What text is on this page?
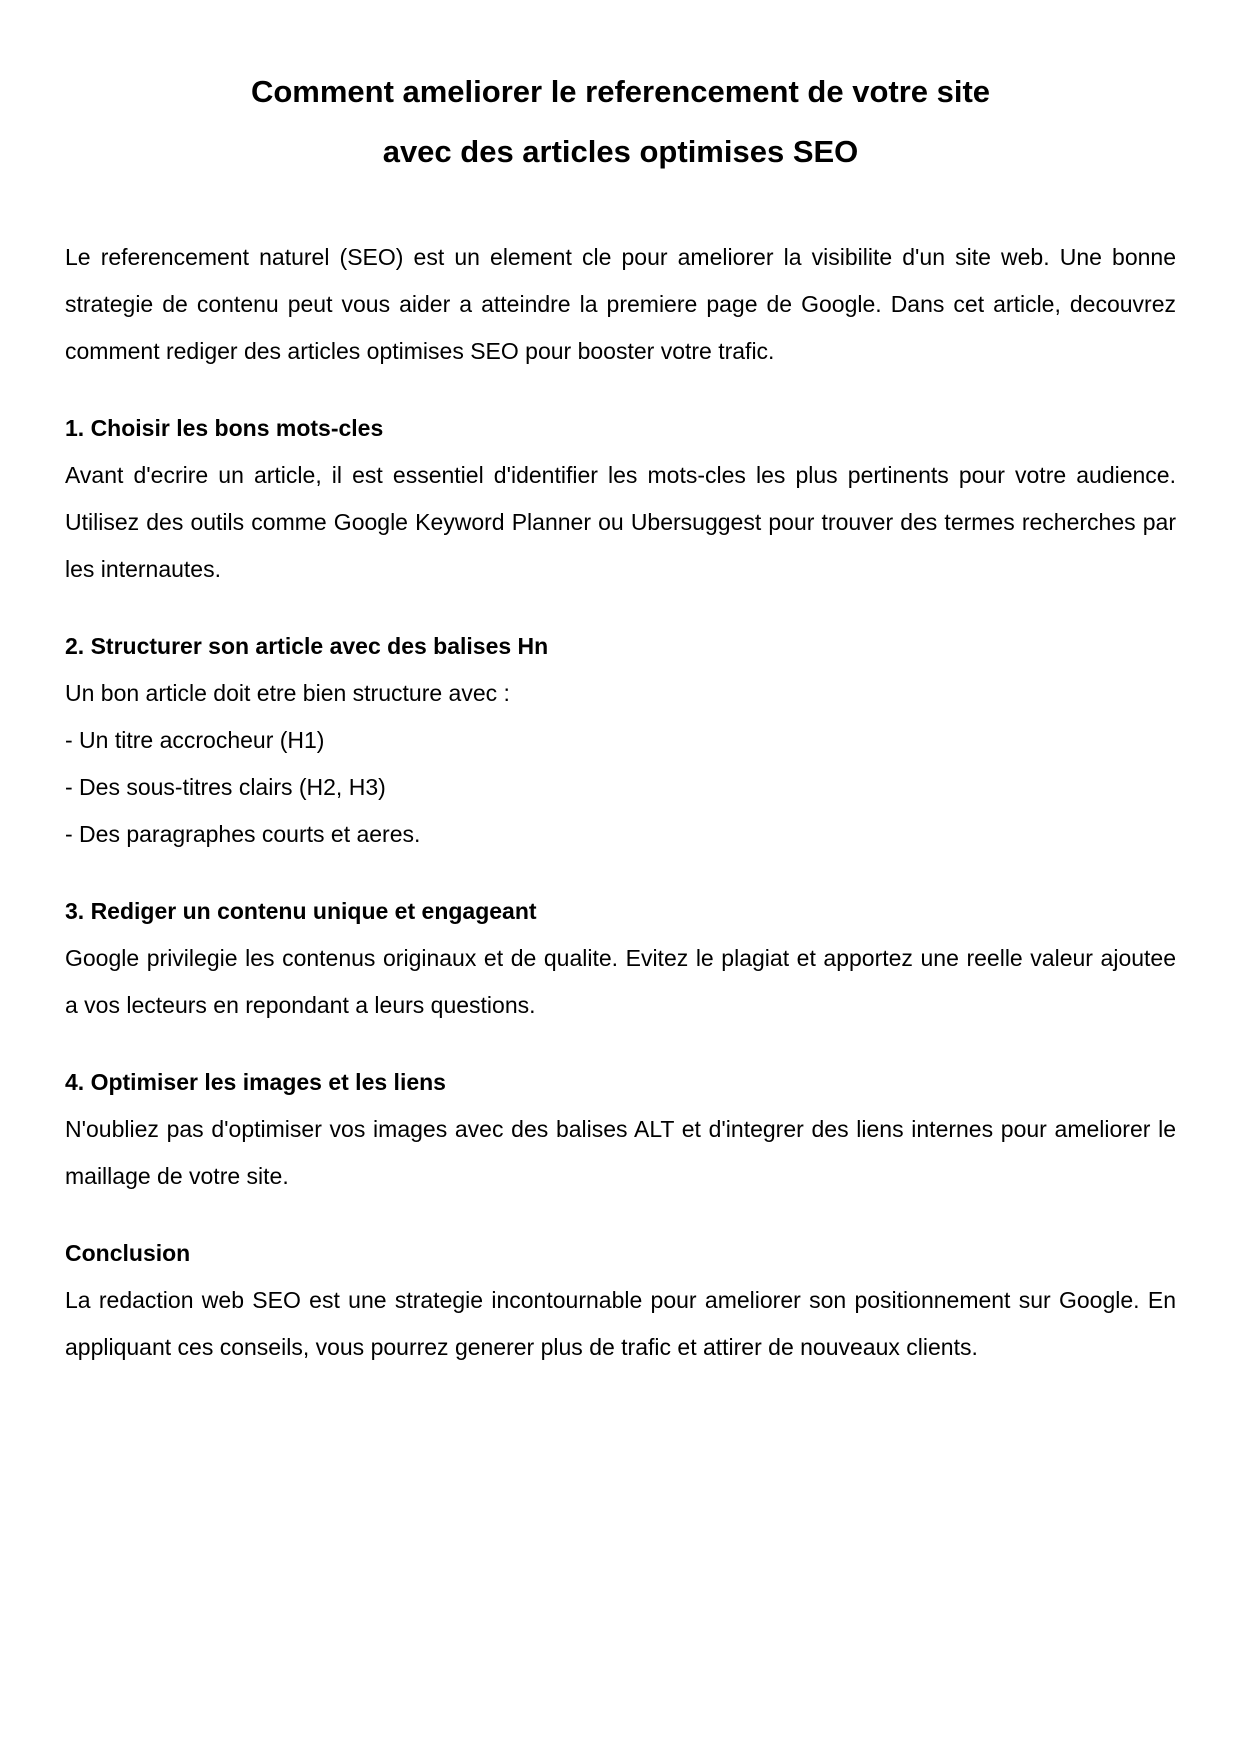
Comment ameliorer le referencement de votre site
avec des articles optimises SEO

Le referencement naturel (SEO) est un element cle pour ameliorer la visibilite d'un site web. Une bonne strategie de contenu peut vous aider a atteindre la premiere page de Google. Dans cet article, decouvrez comment rediger des articles optimises SEO pour booster votre trafic.

1. Choisir les bons mots-cles

Avant d'ecrire un article, il est essentiel d'identifier les mots-cles les plus pertinents pour votre audience. Utilisez des outils comme Google Keyword Planner ou Ubersuggest pour trouver des termes recherches par les internautes.

2. Structurer son article avec des balises Hn
Un bon article doit etre bien structure avec :
- Un titre accrocheur (H1)
- Des sous-titres clairs (H2, H3)
- Des paragraphes courts et aeres.
3. Rediger un contenu unique et engageant

Google privilegie les contenus originaux et de qualite. Evitez le plagiat et apportez une reelle valeur ajoutee a vos lecteurs en repondant a leurs questions.

4. Optimiser les images et les liens

N'oubliez pas d'optimiser vos images avec des balises ALT et d'integrer des liens internes pour ameliorer le maillage de votre site.

Conclusion

La redaction web SEO est une strategie incontournable pour ameliorer son positionnement sur Google. En appliquant ces conseils, vous pourrez generer plus de trafic et attirer de nouveaux clients.
